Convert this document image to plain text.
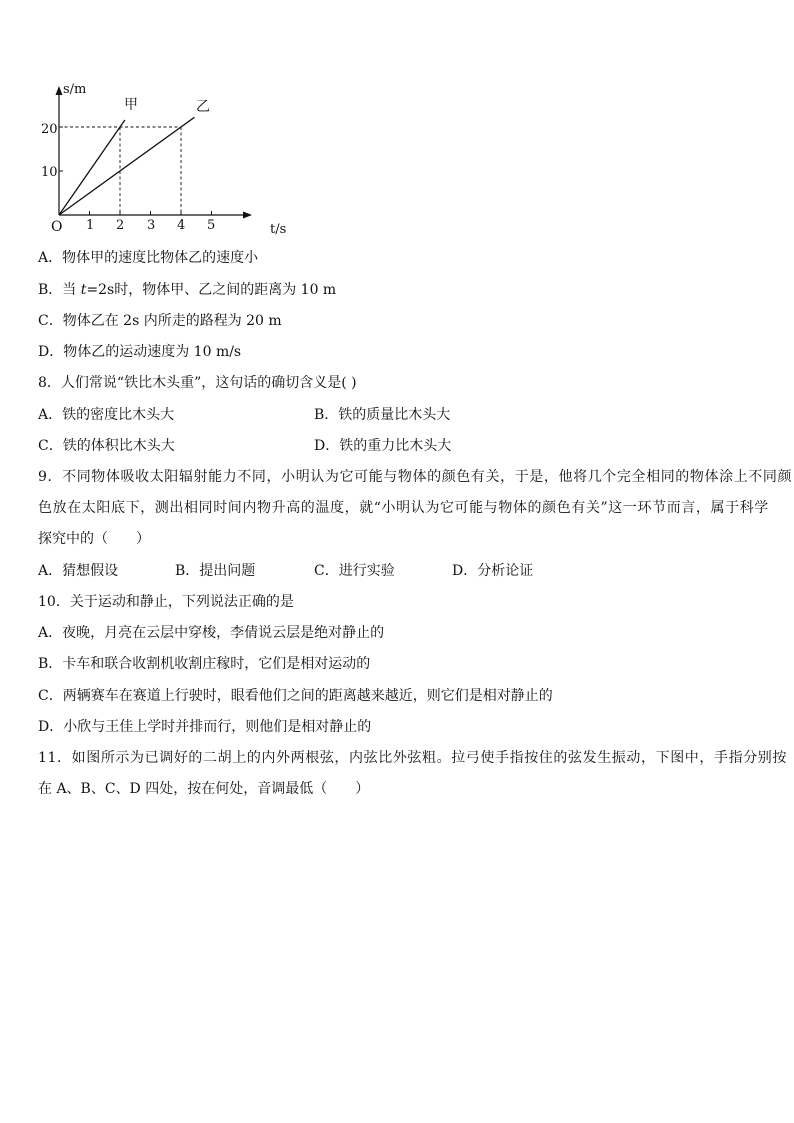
s/m
t/s
O
10
20
1 2 3 4 5
甲	乙
A．物体甲的速度比物体乙的速度小
B．当 t=2s时，物体甲、乙之间的距离为 10 m
C．物体乙在 2s 内所走的路程为 20 m
D．物体乙的运动速度为 10 m/s
8．人们常说“铁比木头重”，这句话的确切含义是( )
A．铁的密度比木头大	B．铁的质量比木头大
C．铁的体积比木头大	D．铁的重力比木头大
9．不同物体吸收太阳辐射能力不同，小明认为它可能与物体的颜色有关，于是，他将几个完全相同的物体涂上不同颜
色放在太阳底下，测出相同时间内物升高的温度，就“小明认为它可能与物体的颜色有关”这一环节而言，属于科学
探究中的（　　）
A．猜想假设	B．提出问题	C．进行实验	D．分析论证
10．关于运动和静止，下列说法正确的是
A．夜晚，月亮在云层中穿梭，李倩说云层是绝对静止的
B．卡车和联合收割机收割庄稼时，它们是相对运动的
C．两辆赛车在赛道上行驶时，眼看他们之间的距离越来越近，则它们是相对静止的
D．小欣与王佳上学时并排而行，则他们是相对静止的
11．如图所示为已调好的二胡上的内外两根弦，内弦比外弦粗。拉弓使手指按住的弦发生振动，下图中，手指分别按
在 A、B、C、D 四处，按在何处，音调最低（　　）
